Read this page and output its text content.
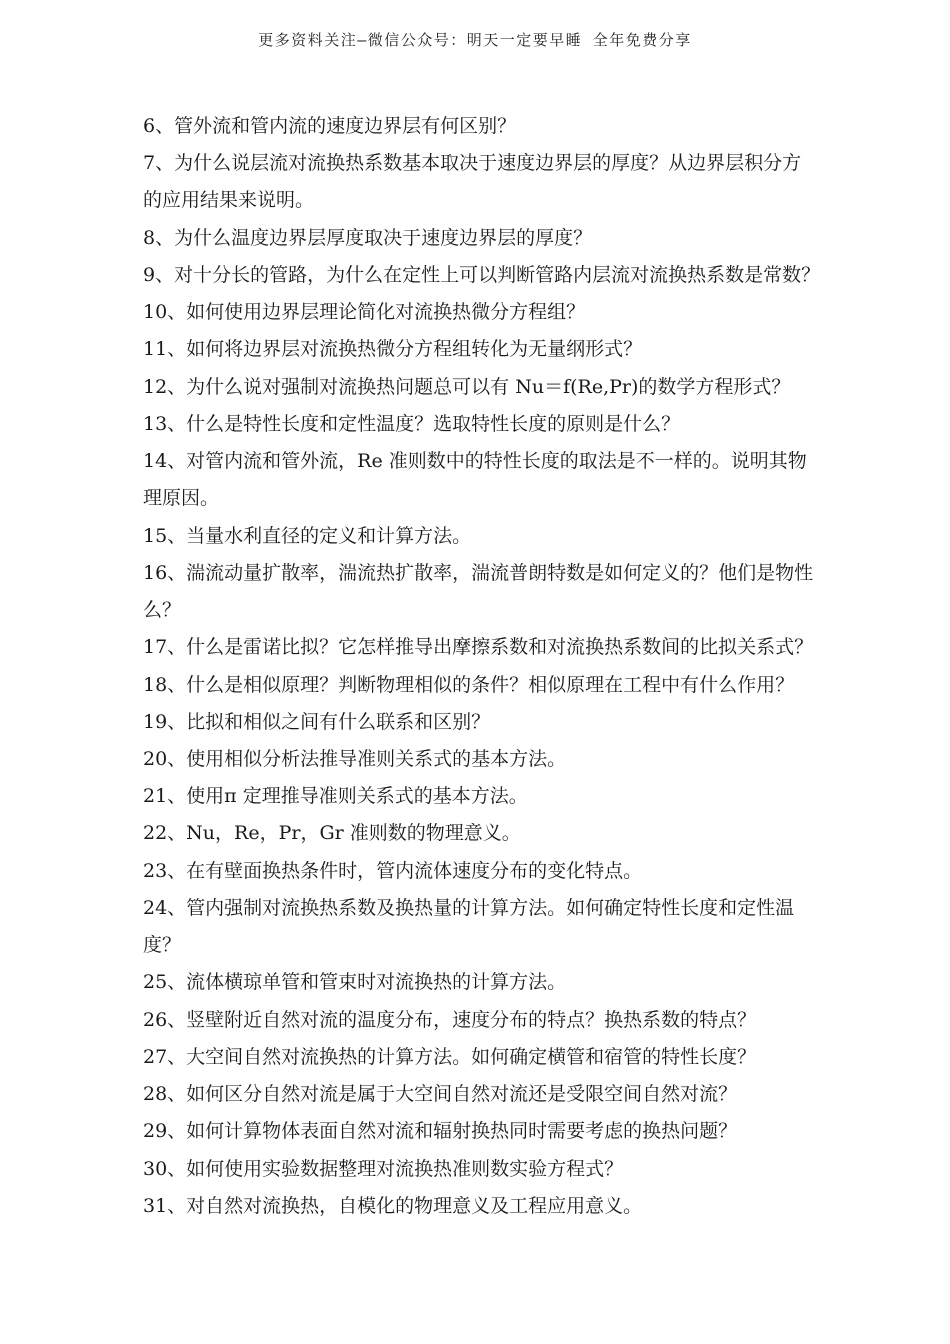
更多资料关注–微信公众号：明天一定要早睡 全年免费分享
6、管外流和管内流的速度边界层有何区别？
7、为什么说层流对流换热系数基本取决于速度边界层的厚度？从边界层积分方
的应用结果来说明。
8、为什么温度边界层厚度取决于速度边界层的厚度？
9、对十分长的管路，为什么在定性上可以判断管路内层流对流换热系数是常数？
10、如何使用边界层理论简化对流换热微分方程组？
11、如何将边界层对流换热微分方程组转化为无量纲形式？
12、为什么说对强制对流换热问题总可以有 Nu＝f(Re,Pr)的数学方程形式？
13、什么是特性长度和定性温度？选取特性长度的原则是什么？
14、对管内流和管外流，Re 准则数中的特性长度的取法是不一样的。说明其物
理原因。
15、当量水利直径的定义和计算方法。
16、湍流动量扩散率，湍流热扩散率，湍流普朗特数是如何定义的？他们是物性
么？
17、什么是雷诺比拟？它怎样推导出摩擦系数和对流换热系数间的比拟关系式？
18、什么是相似原理？判断物理相似的条件？相似原理在工程中有什么作用？
19、比拟和相似之间有什么联系和区别？
20、使用相似分析法推导准则关系式的基本方法。
21、使用π 定理推导准则关系式的基本方法。
22、Nu，Re，Pr，Gr 准则数的物理意义。
23、在有壁面换热条件时，管内流体速度分布的变化特点。
24、管内强制对流换热系数及换热量的计算方法。如何确定特性长度和定性温
度？
25、流体横琼单管和管束时对流换热的计算方法。
26、竖壁附近自然对流的温度分布，速度分布的特点？换热系数的特点？
27、大空间自然对流换热的计算方法。如何确定横管和宿管的特性长度？
28、如何区分自然对流是属于大空间自然对流还是受限空间自然对流？
29、如何计算物体表面自然对流和辐射换热同时需要考虑的换热问题？
30、如何使用实验数据整理对流换热准则数实验方程式？
31、对自然对流换热，自模化的物理意义及工程应用意义。
